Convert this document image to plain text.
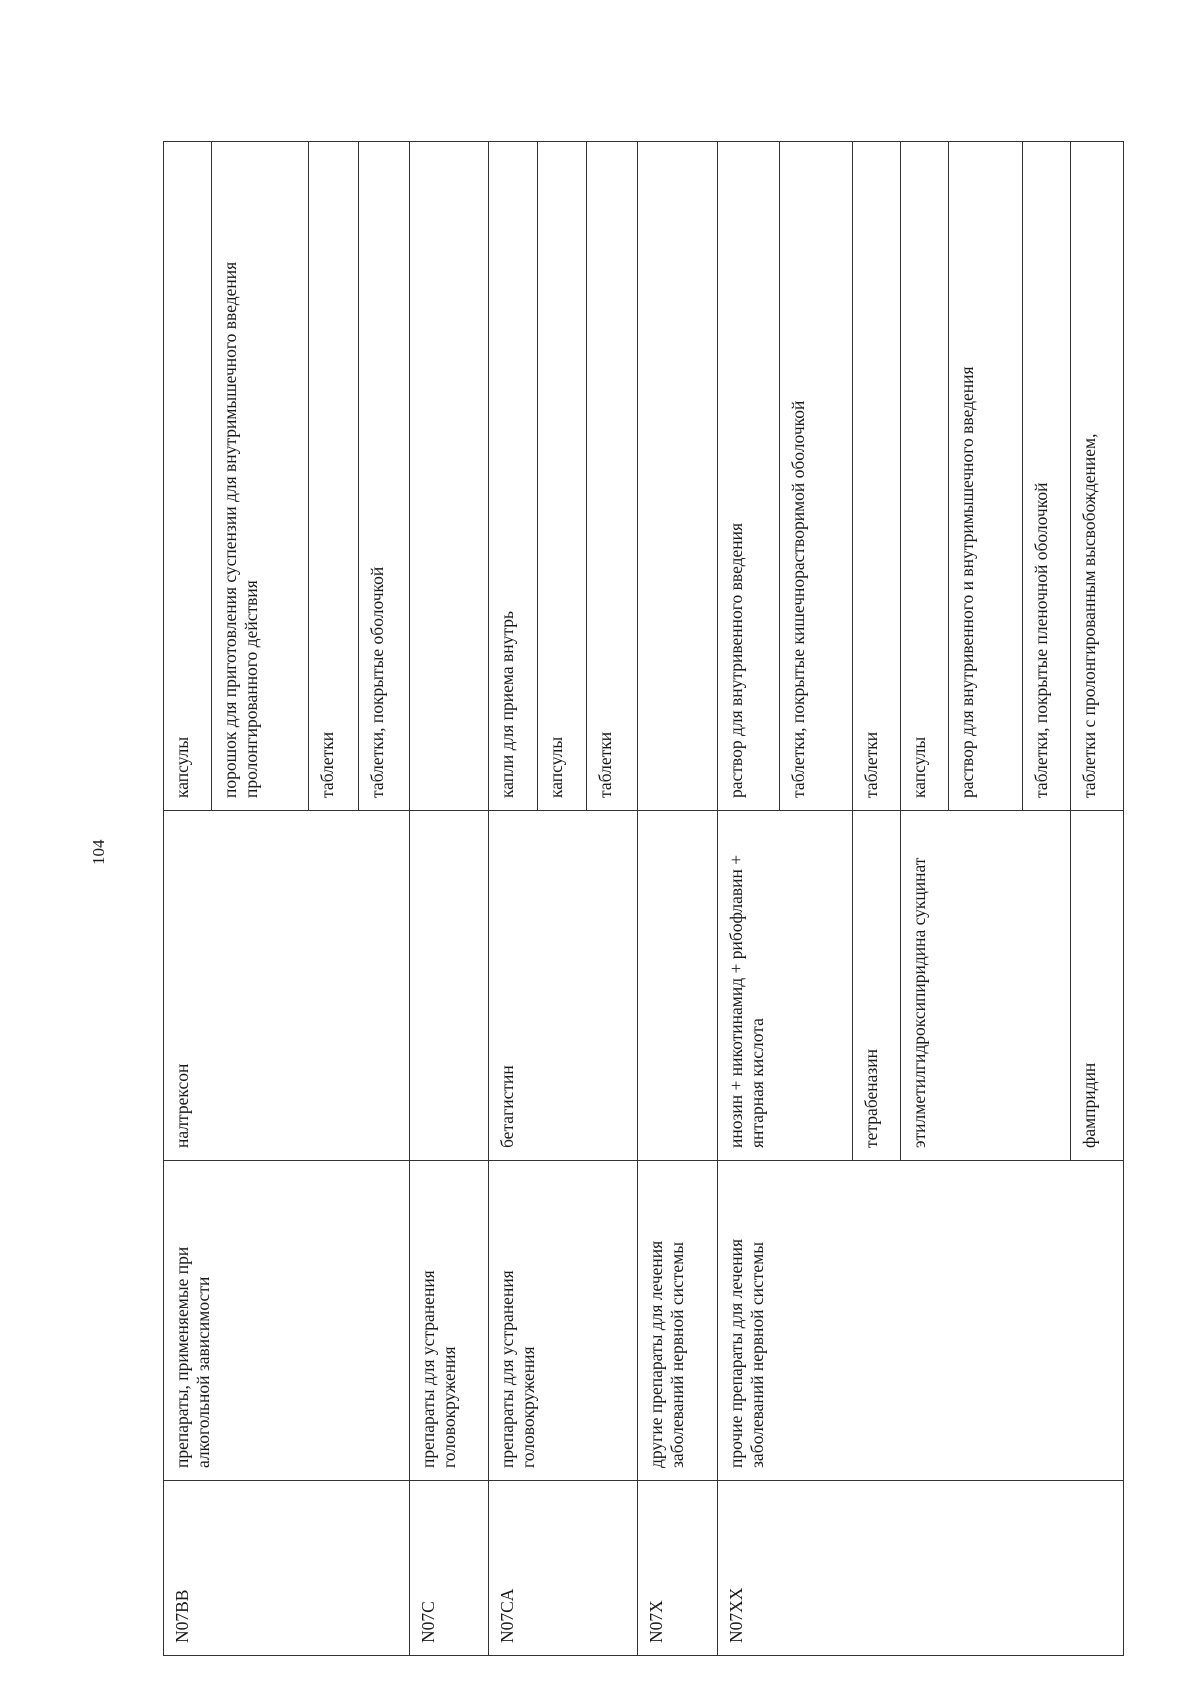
104
N07BB	препараты, применяемые при алкогольной зависимости	налтрексон	капсулы
			порошок для приготовления суспензии для внутримышечного введения пролонгированного действия
			таблетки
			таблетки, покрытые оболочкой
N07C	препараты для устранения головокружения		
N07CA	препараты для устранения головокружения	бетагистин	капли для приема внутрь
			капсулы
			таблетки
N07X	другие препараты для лечения заболеваний нервной системы		
N07XX	прочие препараты для лечения заболеваний нервной системы	инозин + никотинамид + рибофлавин + янтарная кислота	раствор для внутривенного введения
			таблетки, покрытые кишечнорастворимой оболочкой
		тетрабеназин	таблетки
		этилметилгидроксипиридина сукцинат	капсулы
			раствор для внутривенного и внутримышечного введения
			таблетки, покрытые пленочной оболочкой
		фампридин	таблетки с пролонгированным высвобождением,
